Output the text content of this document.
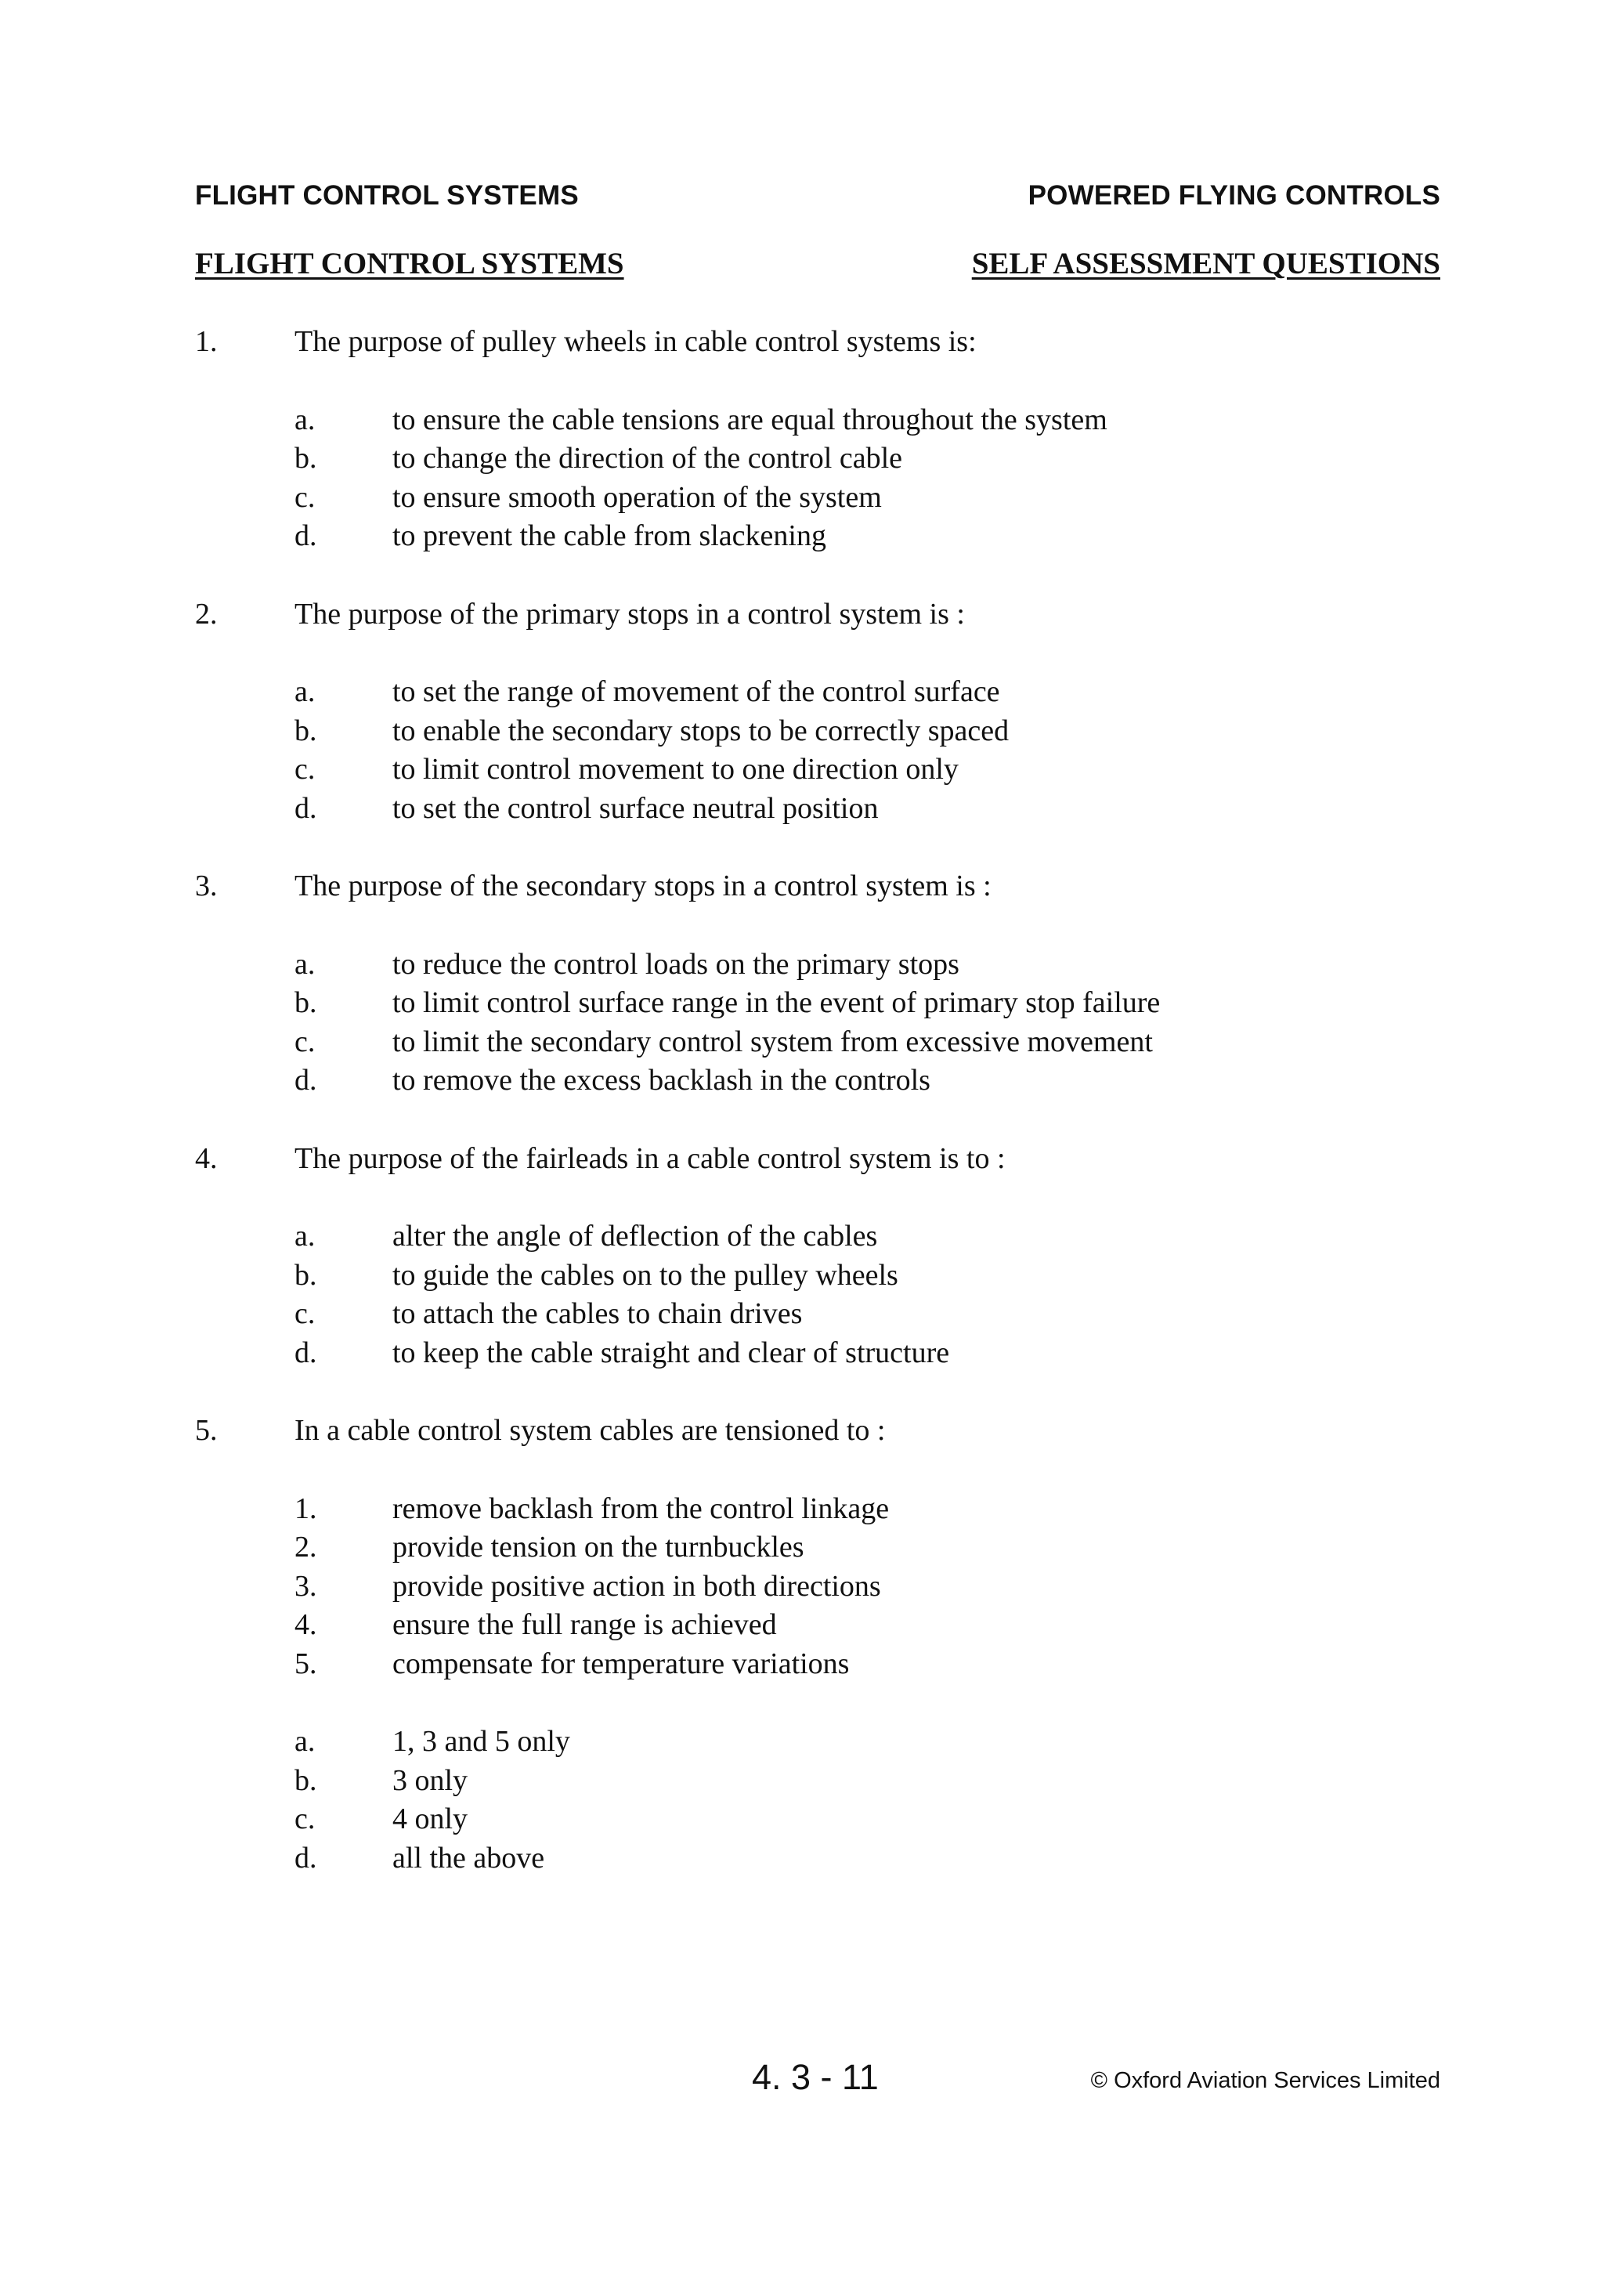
FLIGHT CONTROL SYSTEMS	POWERED FLYING CONTROLS
FLIGHT CONTROL SYSTEMS	SELF ASSESSMENT QUESTIONS
1.	The purpose of pulley wheels in cable control systems is:
a.	to ensure the cable tensions are equal throughout the system
b.	to change the direction of the control cable
c.	to ensure smooth operation of the system
d.	to prevent the cable from slackening
2.	The purpose of the primary stops in a control system is :
a.	to set the range of movement of the control surface
b.	to enable the secondary stops to be correctly spaced
c.	to limit control movement to one direction only
d.	to set the control surface neutral position
3.	The purpose of the secondary stops in a control system is :
a.	to reduce the control loads on the primary stops
b.	to limit control surface range in the event of primary stop failure
c.	to limit the secondary control system from excessive movement
d.	to remove the excess backlash in the controls
4.	The purpose of the fairleads in a cable control system is to :
a.	alter the angle of deflection of the cables
b.	to guide the cables on to the pulley wheels
c.	to attach the cables to chain drives
d.	to keep the cable straight and clear of structure
5.	In a cable control system cables are tensioned to :
1.	remove backlash from the control linkage
2.	provide tension on the turnbuckles
3.	provide positive action in both directions
4.	ensure the full range is achieved
5.	compensate for temperature variations
a.	1, 3 and 5 only
b.	3 only
c.	4 only
d.	all the above
4. 3 - 11	© Oxford Aviation Services Limited
